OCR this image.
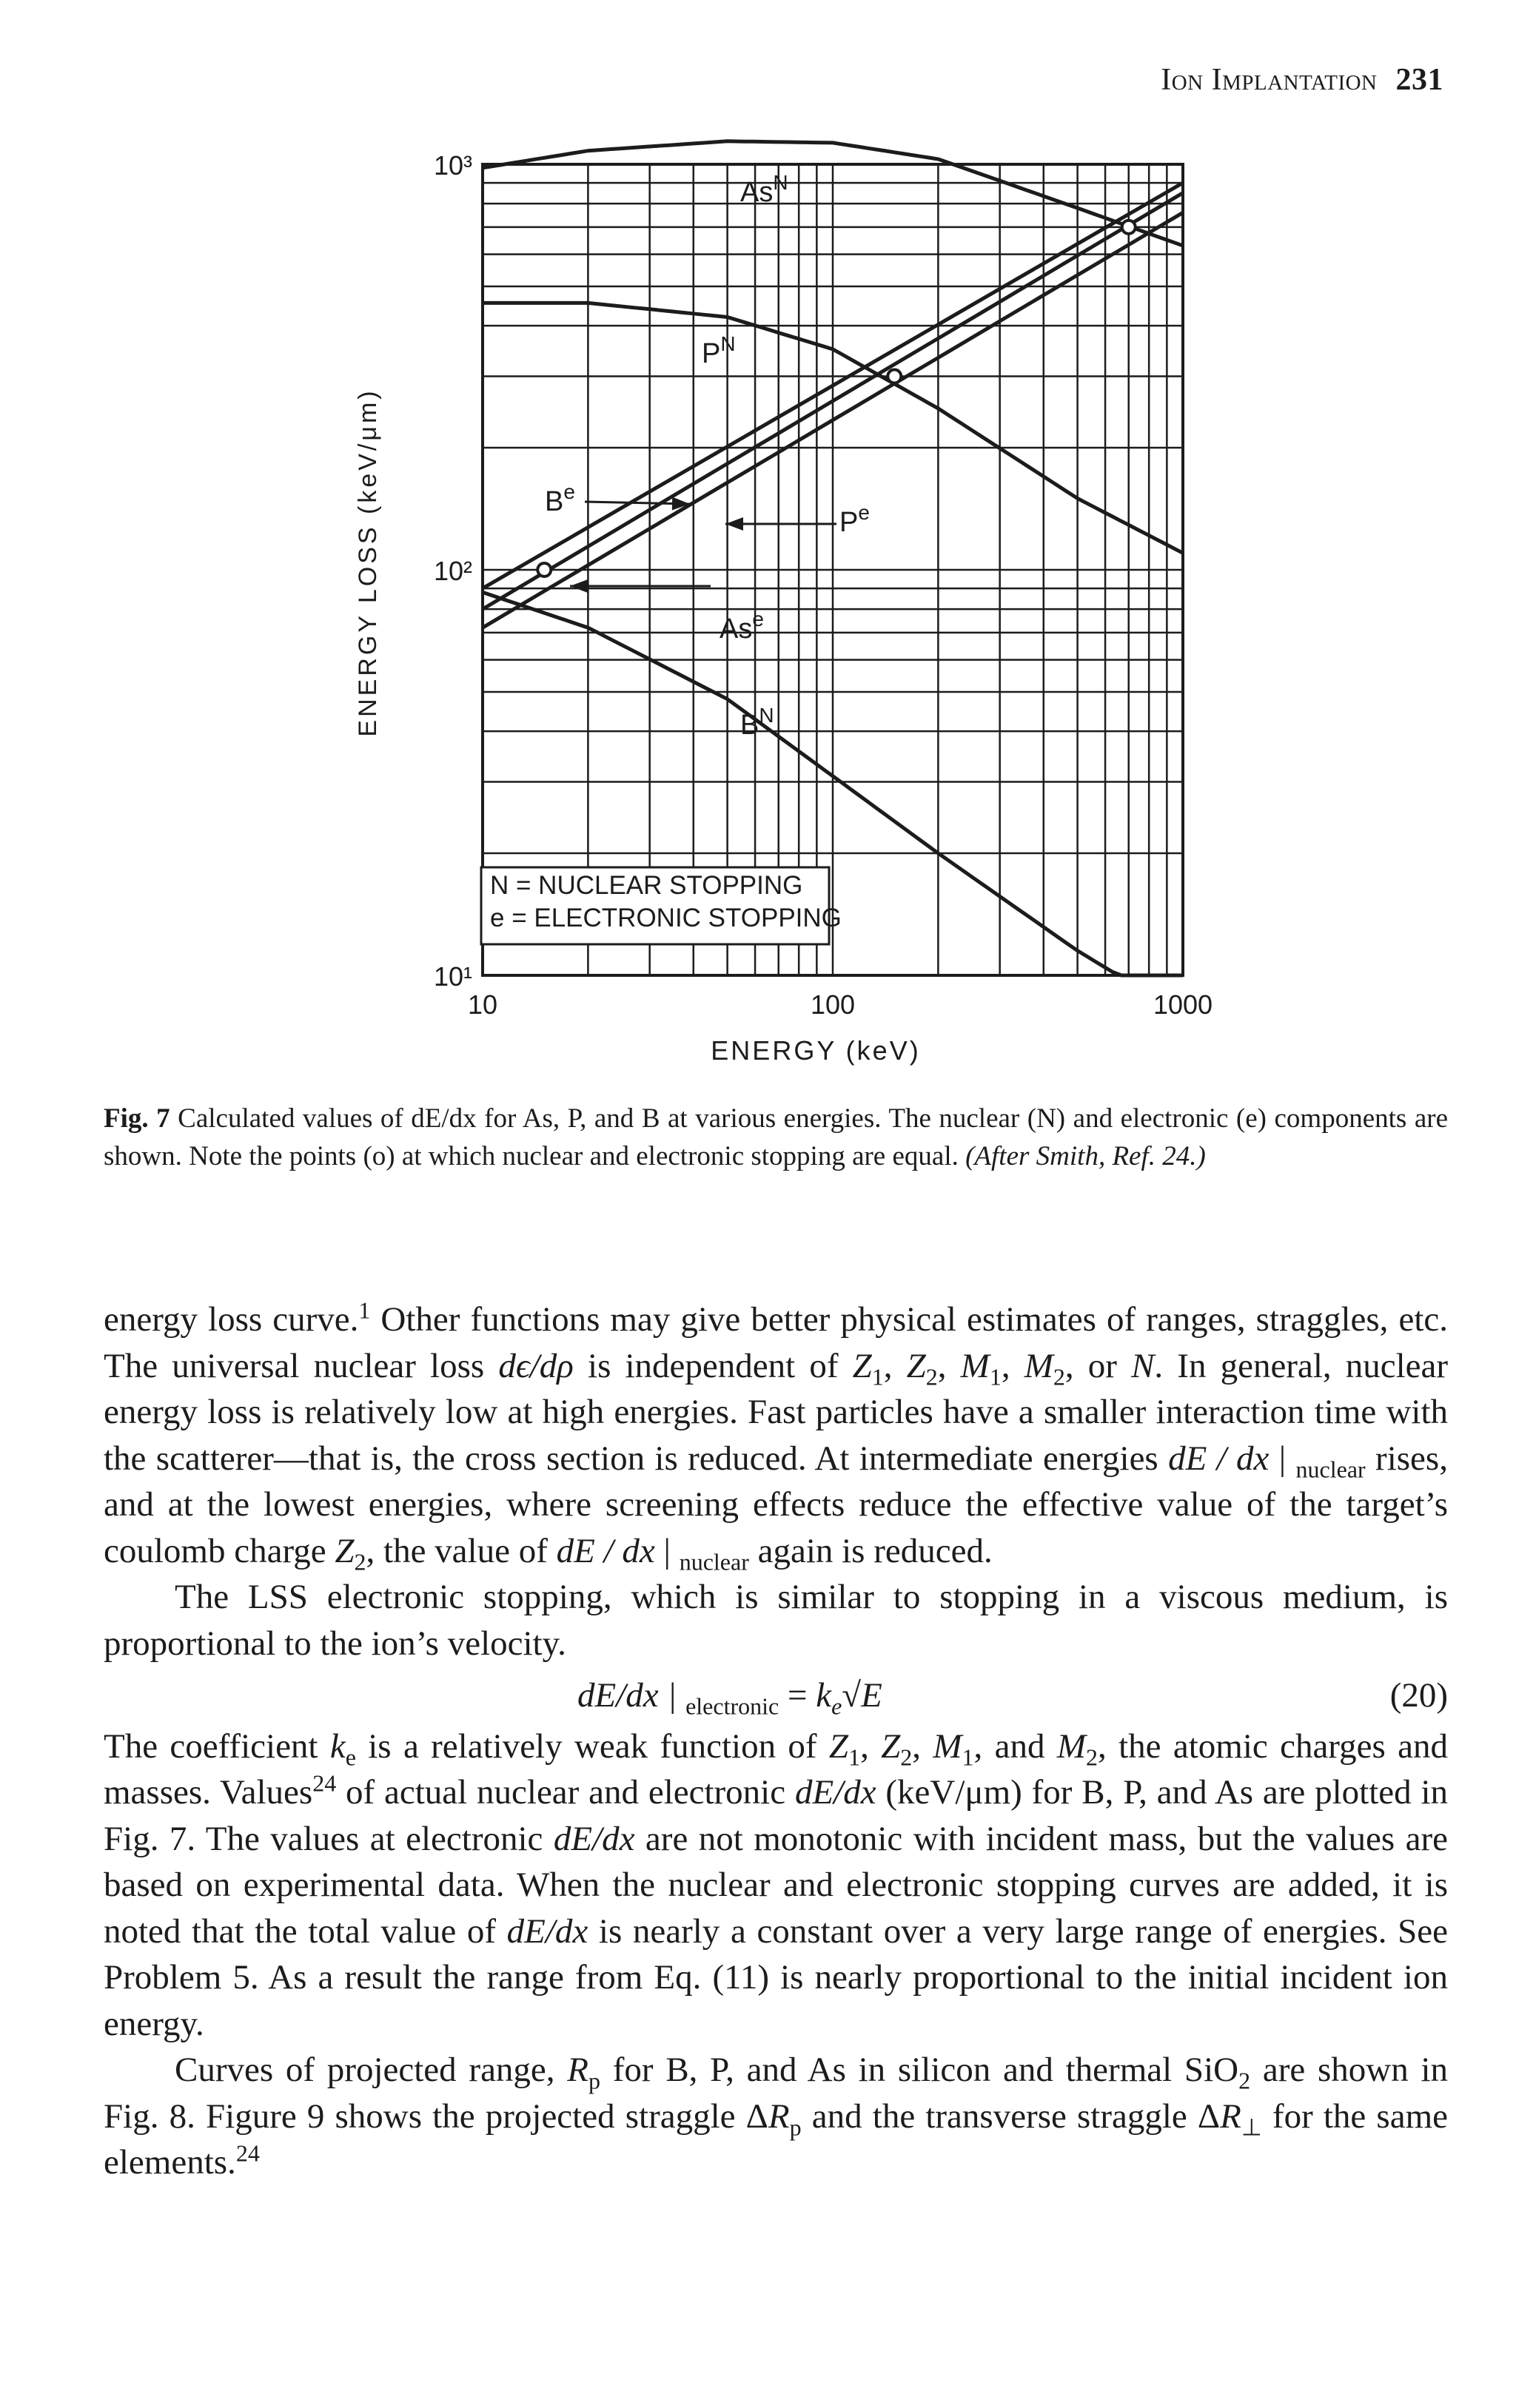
Ion Implantation 231
10	100	1000
10¹
10²
10³
$As^N$
$P^N$
$B^N$
$B^e$
$P^e$
As$^e$
N = NUCLEAR STOPPING
e = ELECTRONIC STOPPING
ENERGY (keV)
ENERGY LOSS (keV/μm)
Fig. 7 Calculated values of dE/dx for As, P, and B at various energies. The nuclear (N) and electronic (e) components are shown. Note the points (o) at which nuclear and electronic stopping are equal. (After Smith, Ref. 24.)

energy loss curve.$^1$ Other functions may give better physical estimates of ranges, straggles, etc. The universal nuclear loss dϵ/dρ is independent of $Z_1$, $Z_2$, $M_1$, $M_2$, or N. In general, nuclear energy loss is relatively low at high energies. Fast particles have a smaller interaction time with the scatterer—that is, the cross section is reduced. At intermediate energies dE / dx | $_{nuclear}$ rises, and at the lowest energies, where screening effects reduce the effective value of the target’s coulomb charge $Z_2$, the value of dE / dx | $_{nuclear}$ again is reduced.

The LSS electronic stopping, which is similar to stopping in a viscous medium, is proportional to the ion’s velocity.

dE/dx | $_{electronic} = k_e√E$	(20)

The coefficient $k_e$ is a relatively weak function of $Z_1$, $Z_2$, $M_1$, and $M_2$, the atomic charges and masses. Values$^{24}$ of actual nuclear and electronic dE/dx (keV/μm) for B, P, and As are plotted in Fig. 7. The values at electronic dE/dx are not monotonic with incident mass, but the values are based on experimental data. When the nuclear and electronic stopping curves are added, it is noted that the total value of dE/dx is nearly a constant over a very large range of energies. See Problem 5. As a result the range from Eq. (11) is nearly proportional to the initial incident ion energy.

Curves of projected range, $R_p$ for B, P, and As in silicon and thermal SiO$_2$ are shown in Fig. 8. Figure 9 shows the projected straggle $\Delta R_p$ and the transverse straggle $\Delta R_\perp$ for the same elements.$^{24}$
